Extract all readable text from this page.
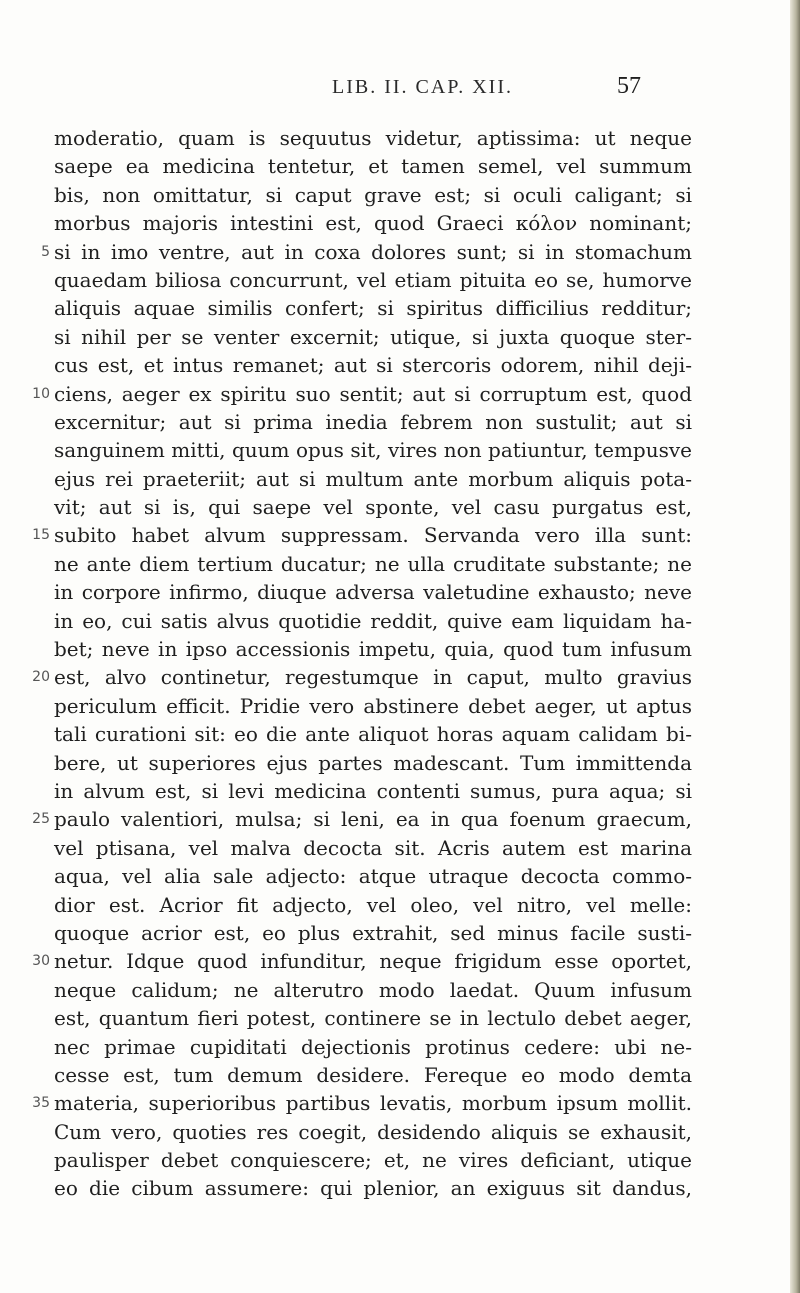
LIB. II. CAP. XII.	57
moderatio, quam is sequutus videtur, aptissima: ut neque
saepe ea medicina tentetur, et tamen semel, vel summum
bis, non omittatur, si caput grave est; si oculi caligant; si
morbus majoris intestini est, quod Graeci κόλον nominant;
5 si in imo ventre, aut in coxa dolores sunt; si in stomachum
quaedam biliosa concurrunt, vel etiam pituita eo se, humorve
aliquis aquae similis confert; si spiritus difficilius redditur;
si nihil per se venter excernit; utique, si juxta quoque ster-
cus est, et intus remanet; aut si stercoris odorem, nihil deji-
10 ciens, aeger ex spiritu suo sentit; aut si corruptum est, quod
excernitur; aut si prima inedia febrem non sustulit; aut si
sanguinem mitti, quum opus sit, vires non patiuntur, tempusve
ejus rei praeteriit; aut si multum ante morbum aliquis pota-
vit; aut si is, qui saepe vel sponte, vel casu purgatus est,
15 subito habet alvum suppressam. Servanda vero illa sunt:
ne ante diem tertium ducatur; ne ulla cruditate substante; ne
in corpore infirmo, diuque adversa valetudine exhausto; neve
in eo, cui satis alvus quotidie reddit, quive eam liquidam ha-
bet; neve in ipso accessionis impetu, quia, quod tum infusum
20 est, alvo continetur, regestumque in caput, multo gravius
periculum efficit. Pridie vero abstinere debet aeger, ut aptus
tali curationi sit: eo die ante aliquot horas aquam calidam bi-
bere, ut superiores ejus partes madescant. Tum immittenda
in alvum est, si levi medicina contenti sumus, pura aqua; si
25 paulo valentiori, mulsa; si leni, ea in qua foenum graecum,
vel ptisana, vel malva decocta sit. Acris autem est marina
aqua, vel alia sale adjecto: atque utraque decocta commo-
dior est. Acrior fit adjecto, vel oleo, vel nitro, vel melle:
quoque acrior est, eo plus extrahit, sed minus facile susti-
30 netur. Idque quod infunditur, neque frigidum esse oportet,
neque calidum; ne alterutro modo laedat. Quum infusum
est, quantum fieri potest, continere se in lectulo debet aeger,
nec primae cupiditati dejectionis protinus cedere: ubi ne-
cesse est, tum demum desidere. Fereque eo modo demta
35 materia, superioribus partibus levatis, morbum ipsum mollit.
Cum vero, quoties res coegit, desidendo aliquis se exhausit,
paulisper debet conquiescere; et, ne vires deficiant, utique
eo die cibum assumere: qui plenior, an exiguus sit dandus,
